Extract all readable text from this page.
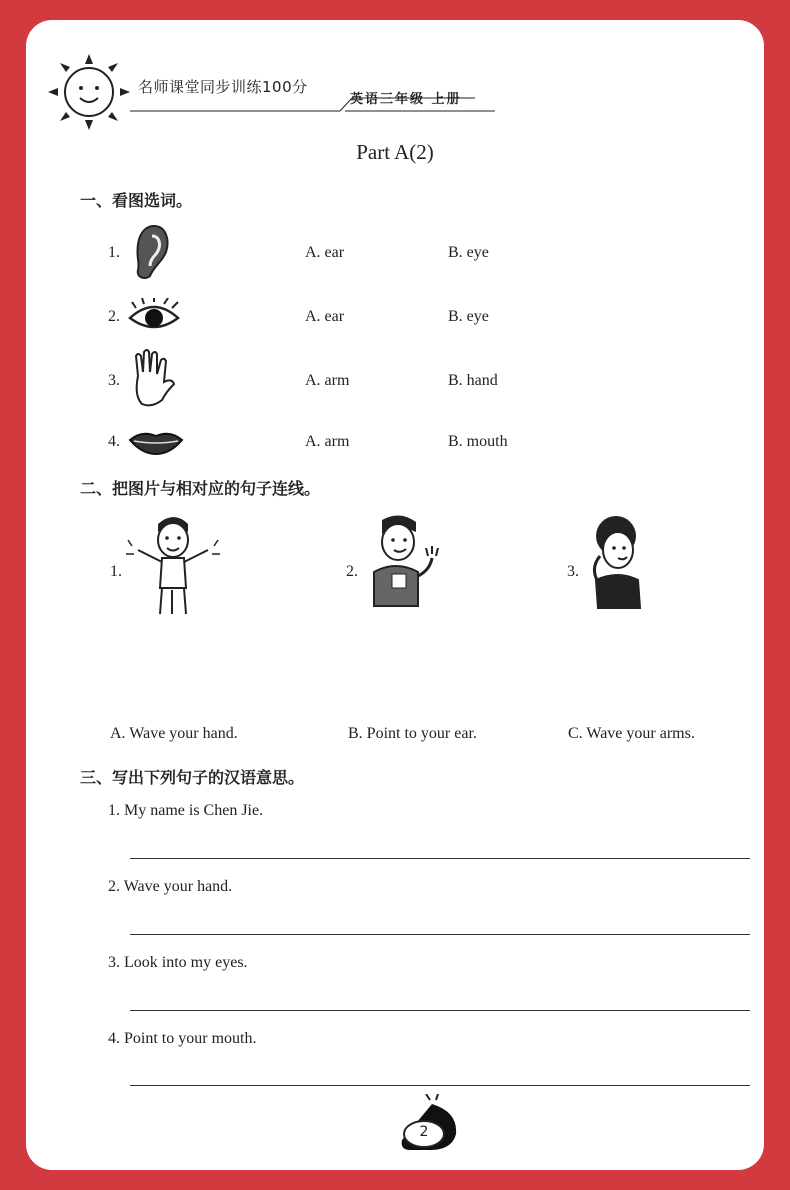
名师课堂同步训练100分
英语三年级 上册
Part A(2)
一、看图选词。
1.	A. ear	B. eye
2.	A. ear	B. eye
3.	A. arm	B. hand
4.	A. arm	B. mouth
二、把图片与相对应的句子连线。
1.	2.	3.
A. Wave your hand.	B. Point to your ear.	C. Wave your arms.
三、写出下列句子的汉语意思。
1. My name is Chen Jie.
2. Wave your hand.
3. Look into my eyes.
4. Point to your mouth.
2
